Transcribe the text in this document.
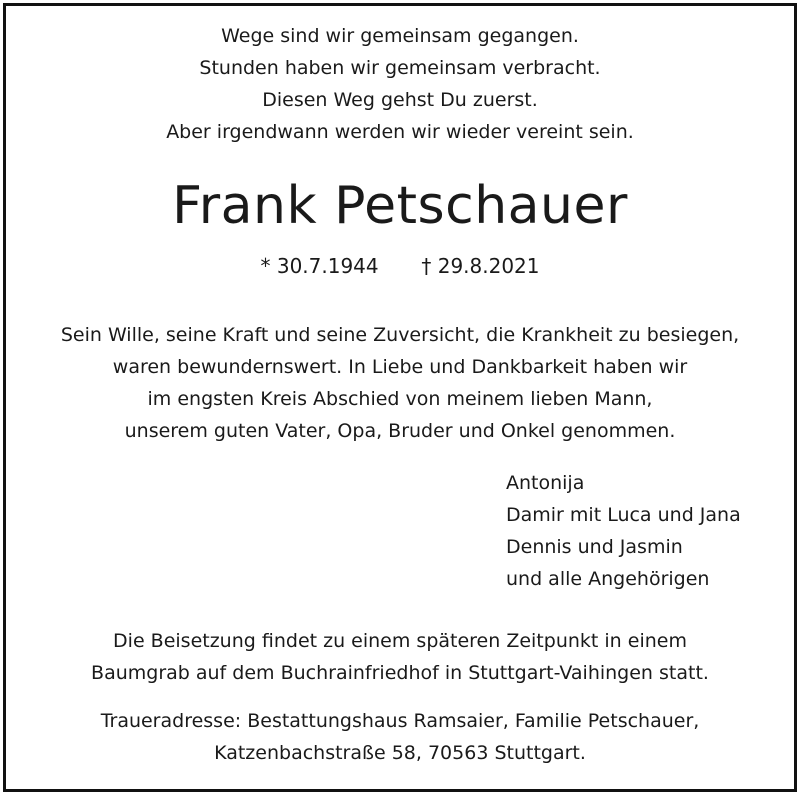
Wege sind wir gemeinsam gegangen.
Stunden haben wir gemeinsam verbracht.
Diesen Weg gehst Du zuerst.
Aber irgendwann werden wir wieder vereint sein.
Frank Petschauer
* 30.7.1944 † 29.8.2021
Sein Wille, seine Kraft und seine Zuversicht, die Krankheit zu besiegen,
waren bewundernswert. In Liebe und Dankbarkeit haben wir
im engsten Kreis Abschied von meinem lieben Mann,
unserem guten Vater, Opa, Bruder und Onkel genommen.
Antonija
Damir mit Luca und Jana
Dennis und Jasmin
und alle Angehörigen
Die Beisetzung findet zu einem späteren Zeitpunkt in einem
Baumgrab auf dem Buchrainfriedhof in Stuttgart-Vaihingen statt.
Traueradresse: Bestattungshaus Ramsaier, Familie Petschauer,
Katzenbachstraße 58, 70563 Stuttgart.
